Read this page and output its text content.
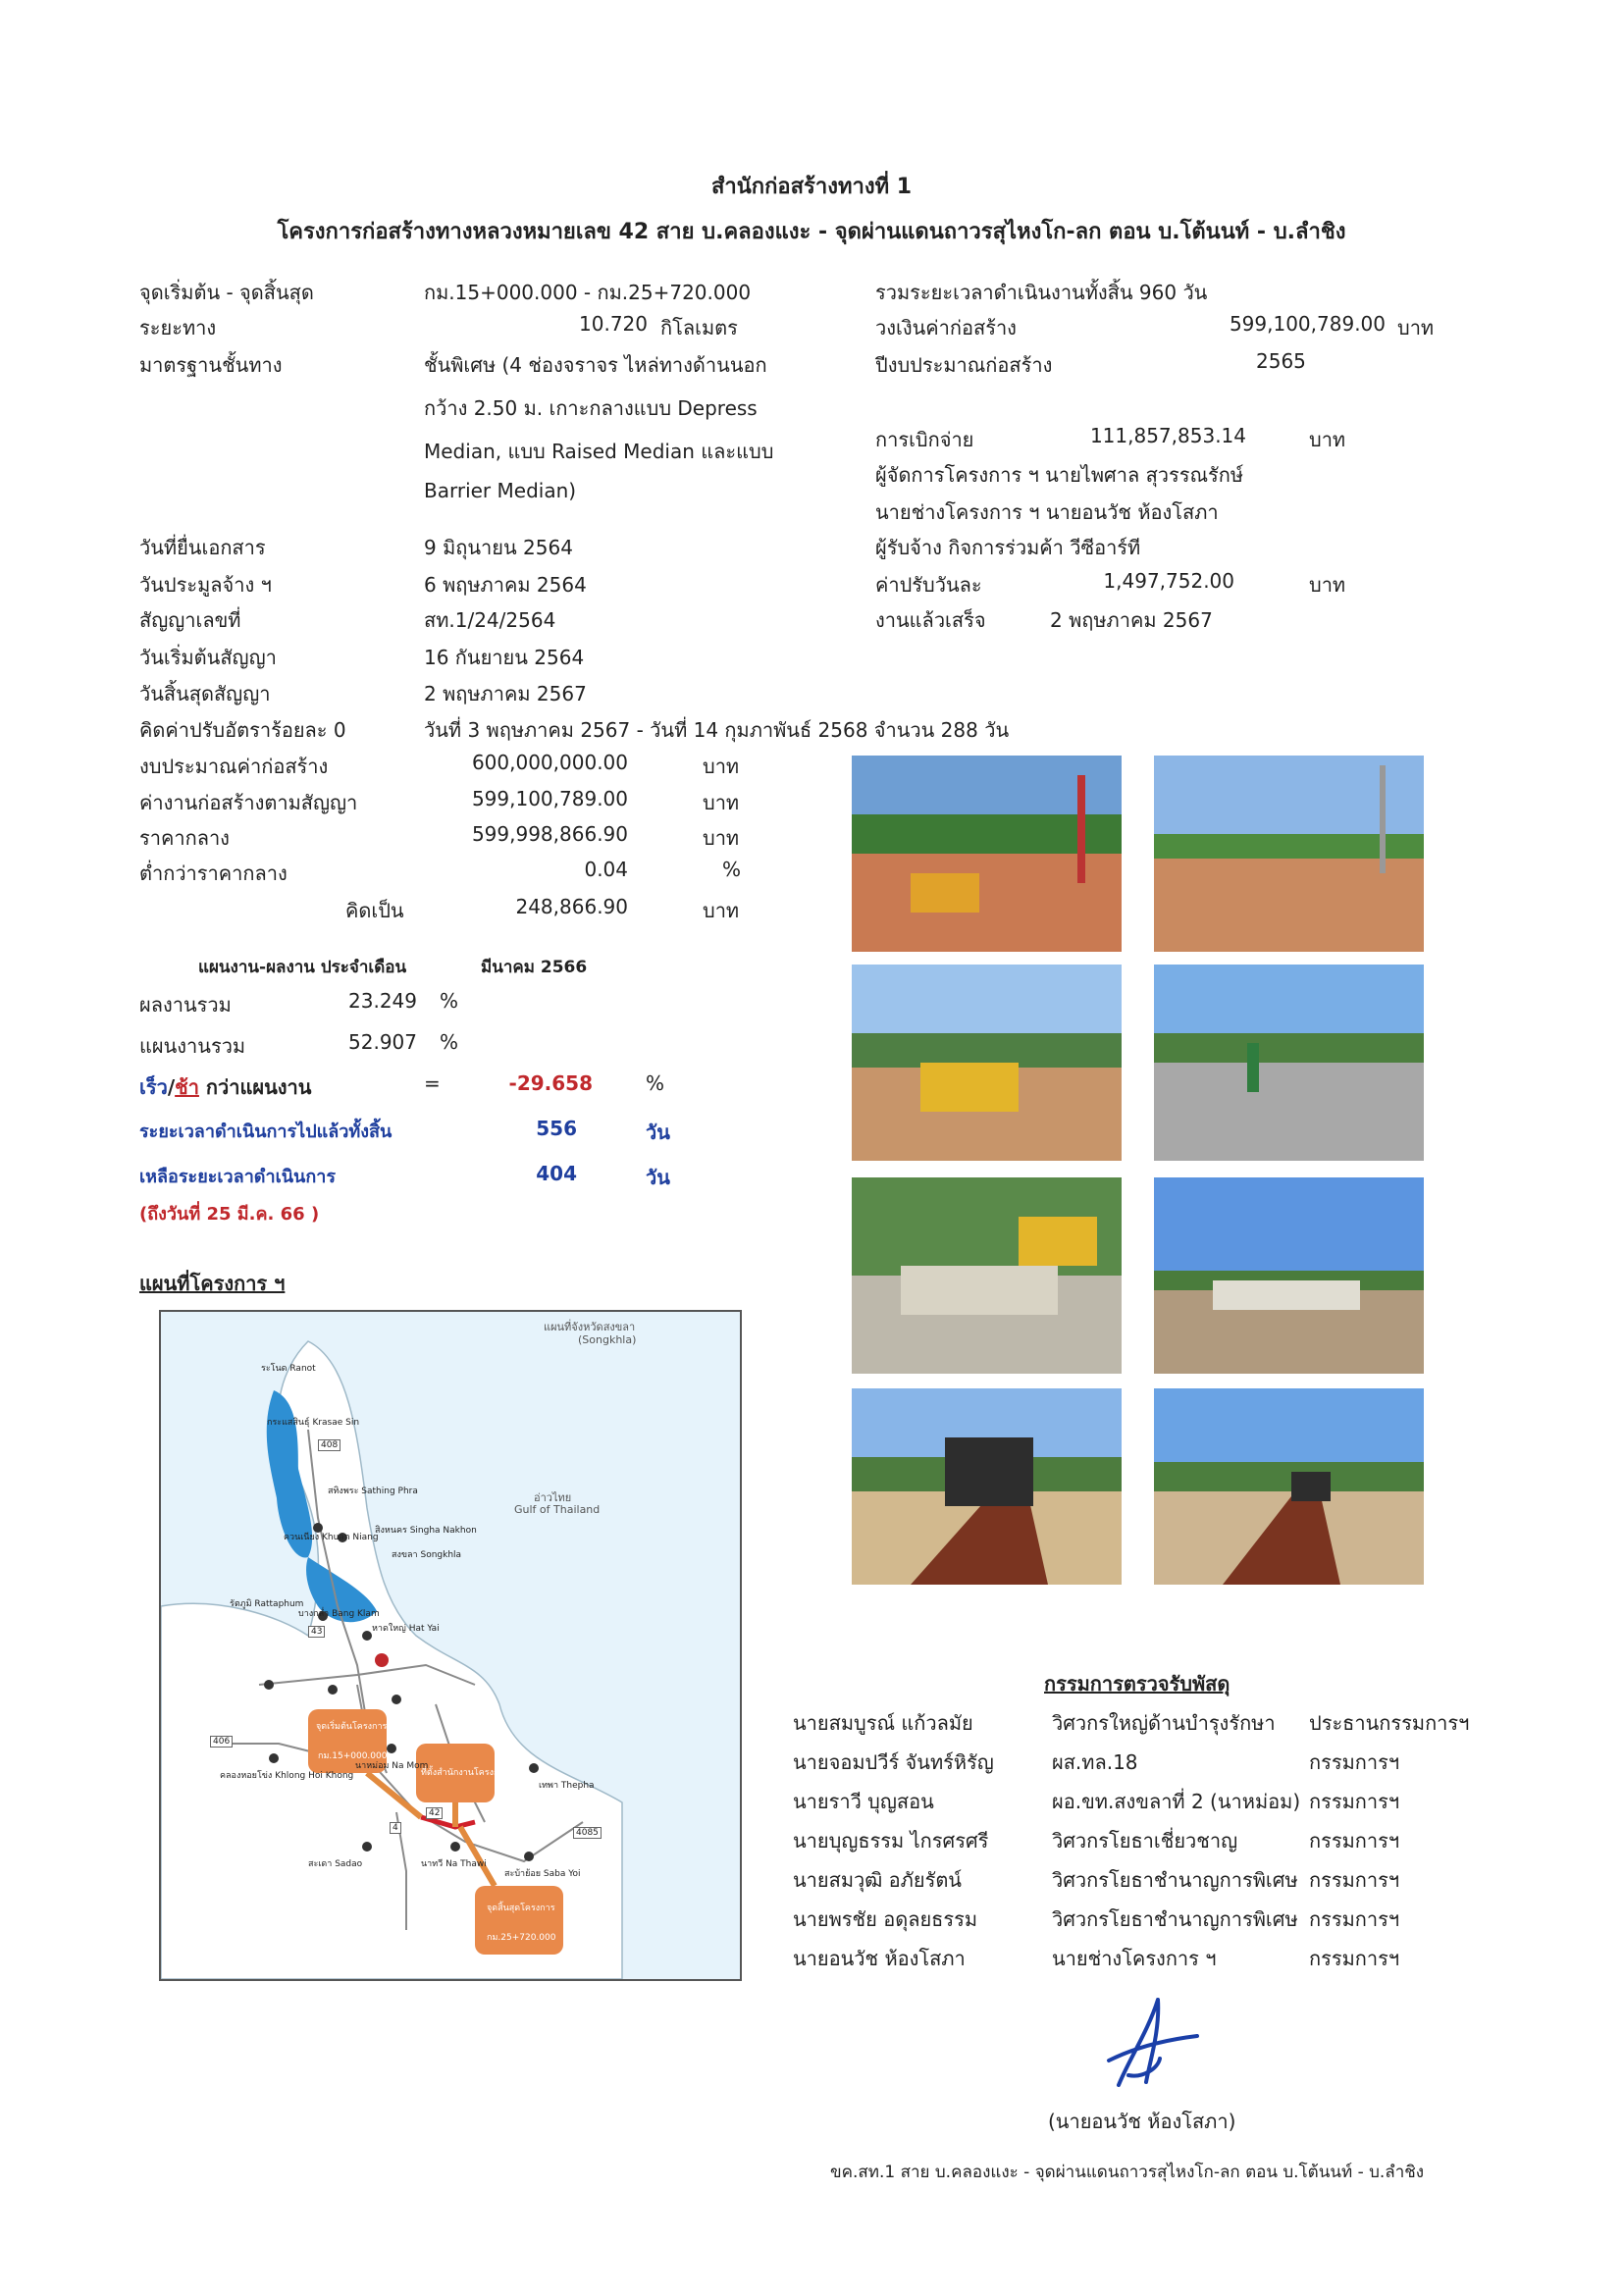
สำนักก่อสร้างทางที่ 1
โครงการก่อสร้างทางหลวงหมายเลข 42 สาย บ.คลองแงะ - จุดผ่านแดนถาวรสุไหงโก-ลก ตอน บ.โต้นนท์ - บ.ลำชิง
จุดเริ่มต้น - จุดสิ้นสุด	กม.15+000.000 - กม.25+720.000
ระยะทาง	10.720 กิโลเมตร
มาตรฐานชั้นทาง	ชั้นพิเศษ (4 ช่องจราจร ไหล่ทางด้านนอก
กว้าง 2.50 ม. เกาะกลางแบบ Depress
Median, แบบ Raised Median และแบบ
Barrier Median)
วันที่ยื่นเอกสาร	9 มิถุนายน 2564
วันประมูลจ้าง ฯ	6 พฤษภาคม 2564
สัญญาเลขที่	สท.1/24/2564
วันเริ่มต้นสัญญา	16 กันยายน 2564
วันสิ้นสุดสัญญา	2 พฤษภาคม 2567
คิดค่าปรับอัตราร้อยละ 0	วันที่ 3 พฤษภาคม 2567 - วันที่ 14 กุมภาพันธ์ 2568 จำนวน 288 วัน
งบประมาณค่าก่อสร้าง	600,000,000.00	บาท
ค่างานก่อสร้างตามสัญญา	599,100,789.00	บาท
ราคากลาง	599,998,866.90	บาท
ต่ำกว่าราคากลาง	0.04	%
คิดเป็น	248,866.90	บาท
รวมระยะเวลาดำเนินงานทั้งสิ้น 960 วัน
วงเงินค่าก่อสร้าง	599,100,789.00 บาท
ปีงบประมาณก่อสร้าง	2565
การเบิกจ่าย	111,857,853.14	บาท
ผู้จัดการโครงการ ฯ นายไพศาล สุวรรณรักษ์
นายช่างโครงการ ฯ นายอนวัช ห้องโสภา
ผู้รับจ้าง กิจการร่วมค้า วีซีอาร์ที
ค่าปรับวันละ	1,497,752.00	บาท
งานแล้วเสร็จ	2 พฤษภาคม 2567
แผนงาน-ผลงาน ประจำเดือน	มีนาคม 2566
ผลงานรวม	23.249 %
แผนงานรวม	52.907 %
เร็ว/ช้า กว่าแผนงาน	=	-29.658	%
ระยะเวลาดำเนินการไปแล้วทั้งสิ้น	556	วัน
เหลือระยะเวลาดำเนินการ	404	วัน
(ถึงวันที่ 25 มี.ค. 66 )
แผนที่โครงการ ฯ
แผนที่จังหวัดสงขลา
(Songkhla)
อ่าวไทย
Gulf of Thailand
จุดเริ่มต้นโครงการ
กม.15+000.000
ที่ตั้งสำนักงานโครงการ
จุดสิ้นสุดโครงการ
กม.25+720.000
ระโนด Ranot
กระแสสินธุ์ Krasae Sin
สทิงพระ Sathing Phra
ควนเนียง Khuan Niang
สิงหนคร Singha Nakhon
สงขลา Songkhla
รัตภูมิ Rattaphum
บางกล่ำ Bang Klam
หาดใหญ่ Hat Yai
นาหม่อม Na Mom
คลองหอยโข่ง Khlong Hoi Khong
เทพา Thepha
สะเดา Sadao	นาทวี Na Thawi
สะบ้าย้อย Saba Yoi
408
43
406
4
42
4085
กรรมการตรวจรับพัสดุ
นายสมบูรณ์ แก้วลมัย	วิศวกรใหญ่ด้านบำรุงรักษา ประธานกรรมการฯ
นายจอมปวีร์ จันทร์หิรัญ	ผส.ทล.18	กรรมการฯ
นายราวี บุญสอน	ผอ.ขท.สงขลาที่ 2 (นาหม่อม) กรรมการฯ
นายบุญธรรม ไกรศรศรี	วิศวกรโยธาเชี่ยวชาญ	กรรมการฯ
นายสมวุฒิ อภัยรัตน์	วิศวกรโยธาชำนาญการพิเศษ กรรมการฯ
นายพรชัย อดุลยธรรม	วิศวกรโยธาชำนาญการพิเศษ กรรมการฯ
นายอนวัช ห้องโสภา	นายช่างโครงการ ฯ	กรรมการฯ
(นายอนวัช ห้องโสภา)
ขค.สท.1 สาย บ.คลองแงะ - จุดผ่านแดนถาวรสุไหงโก-ลก ตอน บ.โต้นนท์ - บ.ลำชิง
